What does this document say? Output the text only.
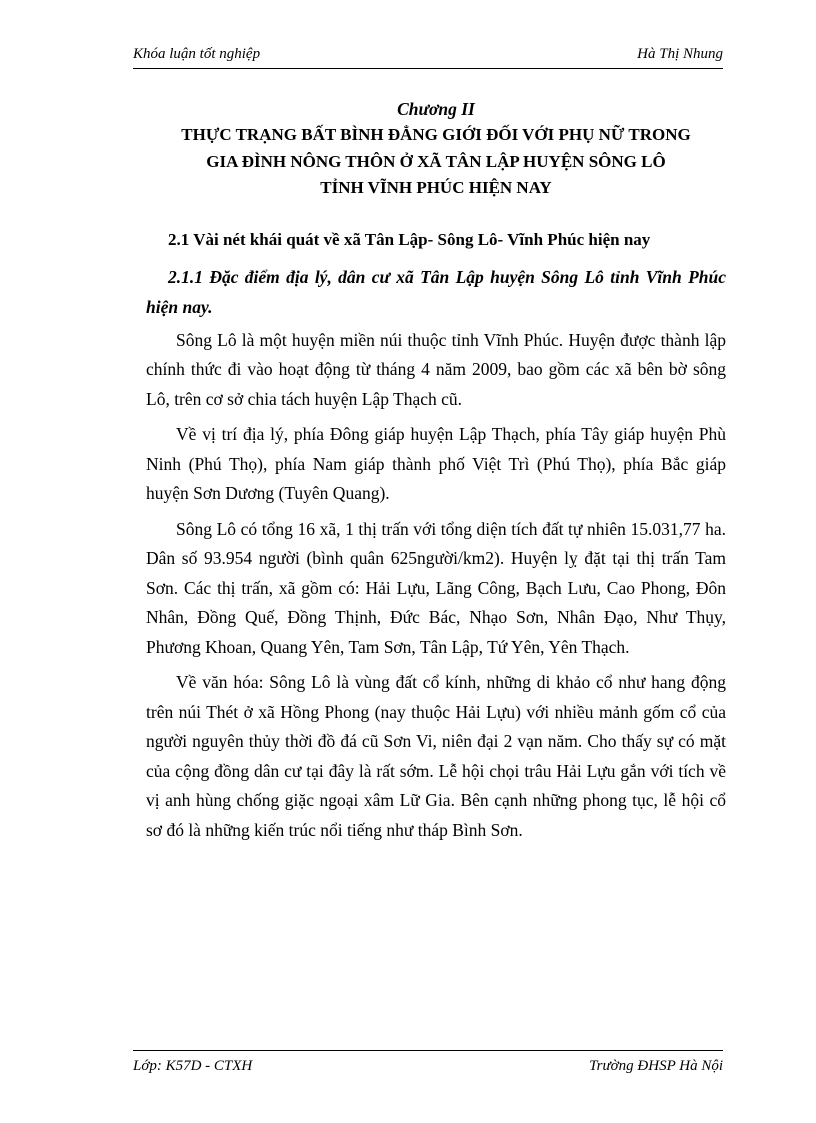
Khóa luận tốt nghiệp	Hà Thị Nhung

Chương II

THỰC TRẠNG BẤT BÌNH ĐẲNG GIỚI ĐỐI VỚI PHỤ NỮ TRONG

GIA ĐÌNH NÔNG THÔN Ở XÃ TÂN LẬP HUYỆN SÔNG LÔ

TỈNH VĨNH PHÚC HIỆN NAY

2.1 Vài nét khái quát về xã Tân Lập- Sông Lô- Vĩnh Phúc hiện nay

2.1.1 Đặc điểm địa lý, dân cư xã Tân Lập huyện Sông Lô tỉnh Vĩnh Phúc hiện nay.

Sông Lô là một huyện miền núi thuộc tỉnh Vĩnh Phúc. Huyện được thành lập chính thức đi vào hoạt động từ tháng 4 năm 2009, bao gồm các xã bên bờ sông Lô, trên cơ sở chia tách huyện Lập Thạch cũ.

Về vị trí địa lý, phía Đông giáp huyện Lập Thạch, phía Tây giáp huyện Phù Ninh (Phú Thọ), phía Nam giáp thành phố Việt Trì (Phú Thọ), phía Bắc giáp huyện Sơn Dương (Tuyên Quang).

Sông Lô có tổng 16 xã, 1 thị trấn với tổng diện tích đất tự nhiên 15.031,77 ha. Dân số 93.954 người (bình quân 625người/km2). Huyện lỵ đặt tại thị trấn Tam Sơn. Các thị trấn, xã gồm có: Hải Lựu, Lãng Công, Bạch Lưu, Cao Phong, Đôn Nhân, Đồng Quế, Đồng Thịnh, Đức Bác, Nhạo Sơn, Nhân Đạo, Như Thụy, Phương Khoan, Quang Yên, Tam Sơn, Tân Lập, Tứ Yên, Yên Thạch.

Về văn hóa: Sông Lô là vùng đất cổ kính, những di khảo cổ như hang động trên núi Thét ở xã Hồng Phong (nay thuộc Hải Lựu) với nhiều mảnh gốm cổ của người nguyên thủy thời đồ đá cũ Sơn Vi, niên đại 2 vạn năm. Cho thấy sự có mặt của cộng đồng dân cư tại đây là rất sớm. Lễ hội chọi trâu Hải Lựu gắn với tích về vị anh hùng chống giặc ngoại xâm Lữ Gia. Bên cạnh những phong tục, lễ hội cổ sơ đó là những kiến trúc nổi tiếng như tháp Bình Sơn.

Lớp: K57D - CTXH	Trường ĐHSP Hà Nội
